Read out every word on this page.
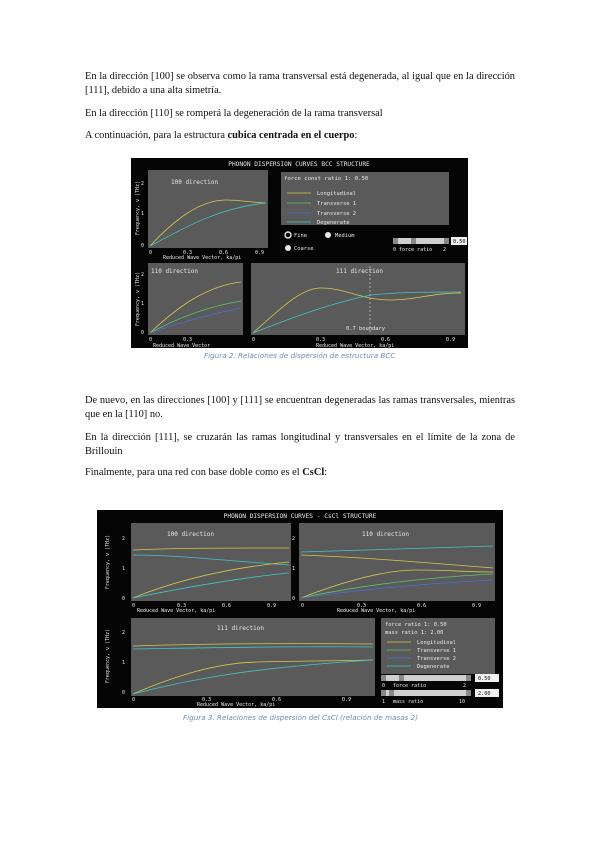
En la dirección [100] se observa como la rama transversal está degenerada, al igual que en la dirección [111], debido a una alta simetría.

En la dirección [110] se romperá la degeneración de la rama transversal

A continuación, para la estructura cubica centrada en el cuerpo:

PHONON DISPERSION CURVES BCC STRUCTURE
100 direction
2
1
0
0	0.3	0.6	0.9
Reduced Wave Vector, ka/pi
Frequency, ν (THz)
force const ratio 1: 0.50
Longitudinal
Transverse 1
Transverse 2
Degenerate
Fine	Medium
Coarse
0.50
0 force ratio 2
110 direction
2
1
0
0	0.3
Reduced Wave Vector
Frequency, ν (THz)
111 direction
0.7 boundary
0	0.3	0.6	0.9
Reduced Wave Vector, ka/pi
Figura 2. Relaciones de dispersión de estructura BCC

De nuevo, en las direcciones [100] y [111] se encuentran degeneradas las ramas transversales, mientras que en la [110] no.

En la dirección [111], se cruzarán las ramas longitudinal y transversales en el límite de la zona de Brillouin

Finalmente, para una red con base doble como es el CsCl:

PHONON DISPERSION CURVES - CsCl STRUCTURE
100 direction
2
1
0
0	0.3	0.6	0.9
Reduced Wave Vector, ka/pi
Frequency, ν (THz)
110 direction
2
1
0
0	0.3	0.6	0.9
Reduced Wave Vector, ka/pi
111 direction
2
1
0
0	0.3	0.6	0.9
Reduced Wave Vector, ka/pi
Frequency, ν (THz)
force ratio 1: 0.50
mass ratio 1: 2.00
Longitudinal
Transverse 1
Transverse 2
Degenerate
0.50
0 force ratio	2
2.00
1 mass ratio	10
Figura 3. Relaciones de dispersión del CsCl (relación de masas 2)
